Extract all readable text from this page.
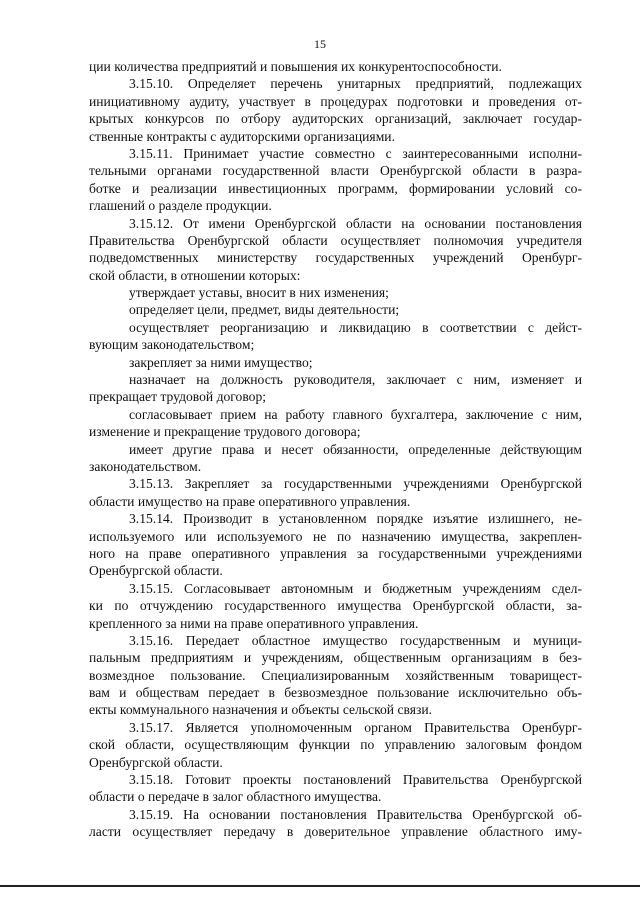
15
ции количества предприятий и повышения их конкурентоспособности.
3.15.10. Определяет перечень унитарных предприятий, подлежащих
инициативному аудиту, участвует в процедурах подготовки и проведения от-
крытых конкурсов по отбору аудиторских организаций, заключает государ-
ственные контракты с аудиторскими организациями.
3.15.11. Принимает участие совместно с заинтересованными исполни-
тельными органами государственной власти Оренбургской области в разра-
ботке и реализации инвестиционных программ, формировании условий со-
глашений о разделе продукции.
3.15.12. От имени Оренбургской области на основании постановления
Правительства Оренбургской области осуществляет полномочия учредителя
подведомственных министерству государственных учреждений Оренбург-
ской области, в отношении которых:
утверждает уставы, вносит в них изменения;
определяет цели, предмет, виды деятельности;
осуществляет реорганизацию и ликвидацию в соответствии с дейст-
вующим законодательством;
закрепляет за ними имущество;
назначает на должность руководителя, заключает с ним, изменяет и
прекращает трудовой договор;
согласовывает прием на работу главного бухгалтера, заключение с ним,
изменение и прекращение трудового договора;
имеет другие права и несет обязанности, определенные действующим
законодательством.
3.15.13. Закрепляет за государственными учреждениями Оренбургской
области имущество на праве оперативного управления.
3.15.14. Производит в установленном порядке изъятие излишнего, не-
используемого или используемого не по назначению имущества, закреплен-
ного на праве оперативного управления за государственными учреждениями
Оренбургской области.
3.15.15. Согласовывает автономным и бюджетным учреждениям сдел-
ки по отчуждению государственного имущества Оренбургской области, за-
крепленного за ними на праве оперативного управления.
3.15.16. Передает областное имущество государственным и муници-
пальным предприятиям и учреждениям, общественным организациям в без-
возмездное пользование. Специализированным хозяйственным товарищест-
вам и обществам передает в безвозмездное пользование исключительно объ-
екты коммунального назначения и объекты сельской связи.
3.15.17. Является уполномоченным органом Правительства Оренбург-
ской области, осуществляющим функции по управлению залоговым фондом
Оренбургской области.
3.15.18. Готовит проекты постановлений Правительства Оренбургской
области о передаче в залог областного имущества.
3.15.19. На основании постановления Правительства Оренбургской об-
ласти осуществляет передачу в доверительное управление областного иму-
